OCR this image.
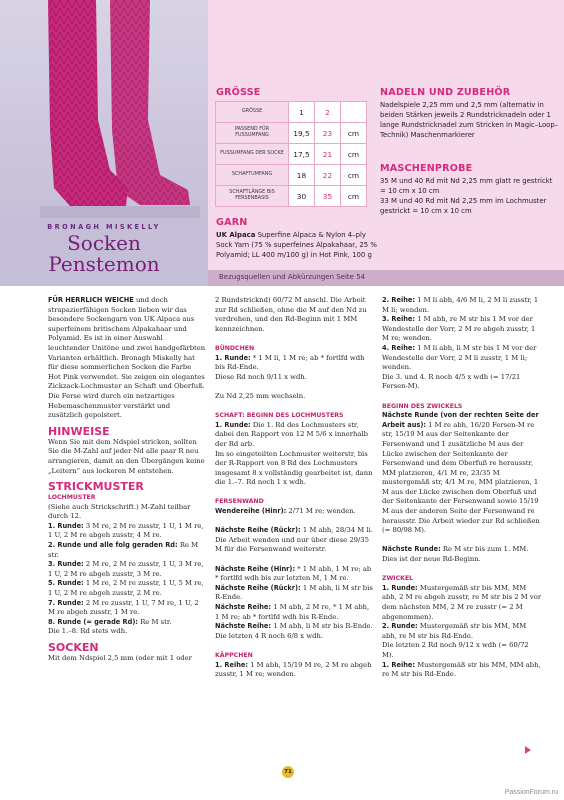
BRONAGH MISKELLY
Socken
Penstemon
GRÖSSE
GRÖSSE	1	2	
PASSEND FÜR FUSSUMFANG	19,5	23	cm
FUSSUMFANG DER SOCKE	17,5	21	cm
SCHAFTUMFANG	18	22	cm
SCHAFTLÄNGE BIS FERSENBASIS	30	35	cm
GARN
UK Alpaca Superfine Alpaca & Nylon 4–ply Sock Yarn (75 % superfeines Alpakahaar, 25 % Polyamid; LL 400 m/100 g) in Hot Pink, 100 g
NADELN UND ZUBEHÖR
Nadelspiele 2,25 mm und 2,5 mm (alternativ in beiden Stärken jeweils 2 Rundstricknadeln oder 1 lange Rundstricknadel zum Stricken in Magic–Loop–Technik) Maschenmarkierer
MASCHENPROBE
35 M und 40 Rd mit Nd 2,25 mm glatt re gestrickt = 10 cm x 10 cm
33 M und 40 Rd mit Nd 2,25 mm im Lochmuster gestrickt = 10 cm x 10 cm
Bezugsquellen und Abkürzungen Seite 54

FÜR HERRLICH WEICHE und doch strapazierfähigen Socken lieben wir das besondere Sockengarn von UK Alpaca aus superfeinem britischem Alpakahaar und Polyamid. Es ist in einer Auswahl leuchtender Unitöne und zwei handgefärbten Varianten erhältlich. Bronagh Miskelly hat für diese sommerlichen Socken die Farbe Hot Pink verwendet. Sie zeigen ein elegantes Zickzack-Lochmuster an Schaft und Oberfuß. Die Ferse wird durch ein netzartiges Hebemaschenmuster verstärkt und zusätzlich gepolstert.

HINWEISE

Wenn Sie mit dem Ndspiel stricken, sollten Sie die M-Zahl auf jeder Nd alle paar R neu arrangieren, damit an den Übergängen keine „Leitern“ aus lockeren M entstehen.

STRICKMUSTER
LOCHMUSTER

(Siehe auch Strickschrift.) M-Zahl teilbar durch 12.

1. Runde: 3 M re, 2 M re zusstr, 1 U, 1 M re, 1 U, 2 M re abgeh zusstr, 4 M re.

2. Runde und alle folg geraden Rd: Re M str.

3. Runde: 2 M re, 2 M re zusstr, 1 U, 3 M re, 1 U, 2 M re abgeh zusstr, 3 M re.

5. Runde: 1 M re, 2 M re zusstr, 1 U, 5 M re, 1 U, 2 M re abgeh zusstr, 2 M re.

7. Runde: 2 M re zusstr, 1 U, 7 M re, 1 U, 2 M re abgeh zusstr, 1 M re.

8. Runde (= gerade Rd): Re M str.

Die 1.–8. Rd stets wdh.

SOCKEN

Mit dem Ndspiel 2,5 mm (oder mit 1 oder

2 Rundstricknd) 60/72 M anschl. Die Arbeit zur Rd schließen, ohne die M auf den Nd zu verdrehen, und den Rd-Beginn mit 1 MM kennzeichnen.

BÜNDCHEN

1. Runde: * 1 M li, 1 M re; ab * fortlfd wdh bis Rd-Ende.

Diese Rd noch 9/11 x wdh.

Zu Nd 2,25 mm wechseln.

SCHAFT: BEGINN DES LOCHMUSTERS

1. Runde: Die 1. Rd des Lochmusters str, dabei den Rapport von 12 M 5/6 x innerhalb der Rd arb.

Im so eingeteilten Lochmuster weiterstr, bis der R-Rapport von 8 Rd des Lochmusters insgesamt 8 x vollständig gearbeitet ist, dann die 1.–7. Rd noch 1 x wdh.

FERSENWAND

Wendereihe (Hinr): 2/71 M re; wenden.

Nächste Reihe (Rückr): 1 M abh, 28/34 M li. Die Arbeit wenden und nur über diese 29/35 M für die Fersenwand weiterstr.

Nächste Reihe (Hinr): * 1 M abh, 1 M re; ab * fortlfd wdh bis zur letzten M, 1 M re.

Nächste Reihe (Rückr): 1 M abh, li M str bis R-Ende.

Nächste Reihe: 1 M abh, 2 M re, * 1 M abh, 1 M re; ab * fortlfd wdh bis R-Ende.

Nächste Reihe: 1 M abh, li M str bis R-Ende.

Die letzten 4 R noch 6/8 x wdh.

KÄPPCHEN

1. Reihe: 1 M abh, 15/19 M re, 2 M re abgeh zusstr, 1 M re; wenden.

2. Reihe: 1 M li abh, 4/6 M li, 2 M li zusstr, 1 M li; wenden.

3. Reihe: 1 M abh, re M str bis 1 M vor der Wendestelle der Vorr, 2 M re abgeh zusstr, 1 M re; wenden.

4. Reihe: 1 M li abh, li M str bis 1 M vor der Wendestelle der Vorr, 2 M li zusstr, 1 M li; wenden.

Die 3. und 4. R noch 4/5 x wdh (= 17/21 Fersen-M).

BEGINN DES ZWICKELS

Nächste Runde (von der rechten Seite der Arbeit aus): 1 M re abh, 16/20 Fersen-M re str, 15/19 M aus der Seitenkante der Fersenwand und 1 zusätzliche M aus der Lücke zwischen der Seitenkante der Fersenwand und dem Oberfuß re herausstr, MM platzieren, 4/1 M re, 23/35 M mustergemäß str, 4/1 M re, MM platzieren, 1 M aus der Lücke zwischen dem Oberfuß und der Seitenkante der Fersenwand sowie 15/19 M aus der anderen Seite der Fersenwand re herausstr. Die Arbeit wieder zur Rd schließen (= 80/98 M).

Nächste Runde: Re M str bis zum 1. MM. Dies ist der neue Rd-Beginn.

ZWICKEL

1. Runde: Mustergemäß str bis MM, MM abh, 2 M re abgeh zusstr, re M str bis 2 M vor dem nächsten MM, 2 M re zusstr (= 2 M abgenommen).

2. Runde: Mustergemäß str bis MM, MM abh, re M str bis Rd-Ende.

Die letzten 2 Rd noch 9/12 x wdh (= 60/72 M).

1. Reihe: Mustergemäß str bis MM, MM abh, re M str bis Rd-Ende.

71
PassionForum.ru
